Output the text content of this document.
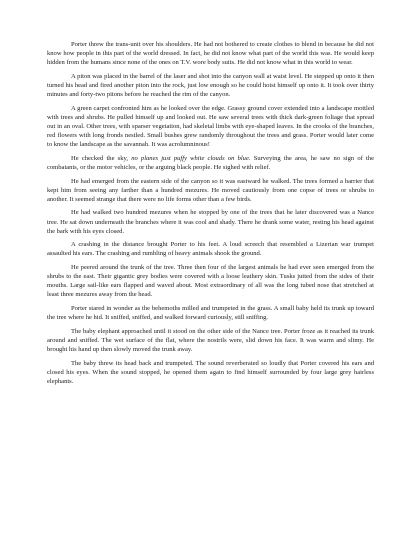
Porter threw the trans-unit over his shoulders. He had not bothered to create clothes to blend in because he did not know how people in this part of the world dressed. In fact, he did not know what part of the world this was. He would keep hidden from the humans since none of the ones on T.V. wore body suits. He did not know what in this world to wear.

A piton was placed in the barrel of the laser and shot into the canyon wall at waist level. He stepped up onto it then turned his head and fired another piton into the rock, just low enough so he could hoist himself up onto it. It took over thirty minutes and forty-two pitons before he reached the rim of the canyon.

A green carpet confronted him as he looked over the edge. Grassy ground cover extended into a landscape mottled with trees and shrubs. He pulled himself up and looked out. He saw several trees with thick dark-green foliage that spread out in an oval. Other trees, with sparser vegetation, had skeletal limbs with eye-shaped leaves. In the crooks of the branches, red flowers with long fronds nestled. Small bushes grew randomly throughout the trees and grass. Porter would later come to know the landscape as the savannah. It was acrolumninous!

He checked the sky, no planes just puffy white clouds on blue. Surveying the area, he saw no sign of the combatants, or the motor vehicles, or the arguing black people. He sighed with relief.

He had emerged from the eastern side of the canyon so it was eastward he walked. The trees formed a barrier that kept him from seeing any farther than a hundred mezures. He moved cautiously from one copse of trees or shrubs to another. It seemed strange that there were no life forms other than a few birds.

He had walked two hundred mezures when he stopped by one of the trees that he later discovered was a Nance tree. He sat down underneath the branches where it was cool and shady. There he drank some water, resting his head against the bark with his eyes closed.

A crashing in the distance brought Porter to his feet. A loud screech that resembled a Lizerian war trumpet assaulted his ears. The crashing and rumbling of heavy animals shook the ground.

He peered around the trunk of the tree. Three then four of the largest animals he had ever seen emerged from the shrubs to the east. Their gigantic grey bodies were covered with a loose leathery skin. Tusks jutted from the sides of their mouths. Large sail-like ears flapped and waved about. Most extraordinary of all was the long tubed nose that stretched at least three mezures away from the head.

Porter stared in wonder as the behemoths milled and trumpeted in the grass. A small baby held its trunk up toward the tree where he hid. It sniffed, sniffed, and walked forward curiously, still sniffing.

The baby elephant approached until it stood on the other side of the Nance tree. Porter froze as it reached its trunk around and sniffed. The wet surface of the flat, where the nostrils were, slid down his face. It was warm and slimy. He brought his hand up then slowly moved the trunk away.

The baby threw its head back and trumpeted. The sound reverberated so loudly that Porter covered his ears and closed his eyes. When the sound stopped, he opened them again to find himself surrounded by four large grey hairless elephants.
